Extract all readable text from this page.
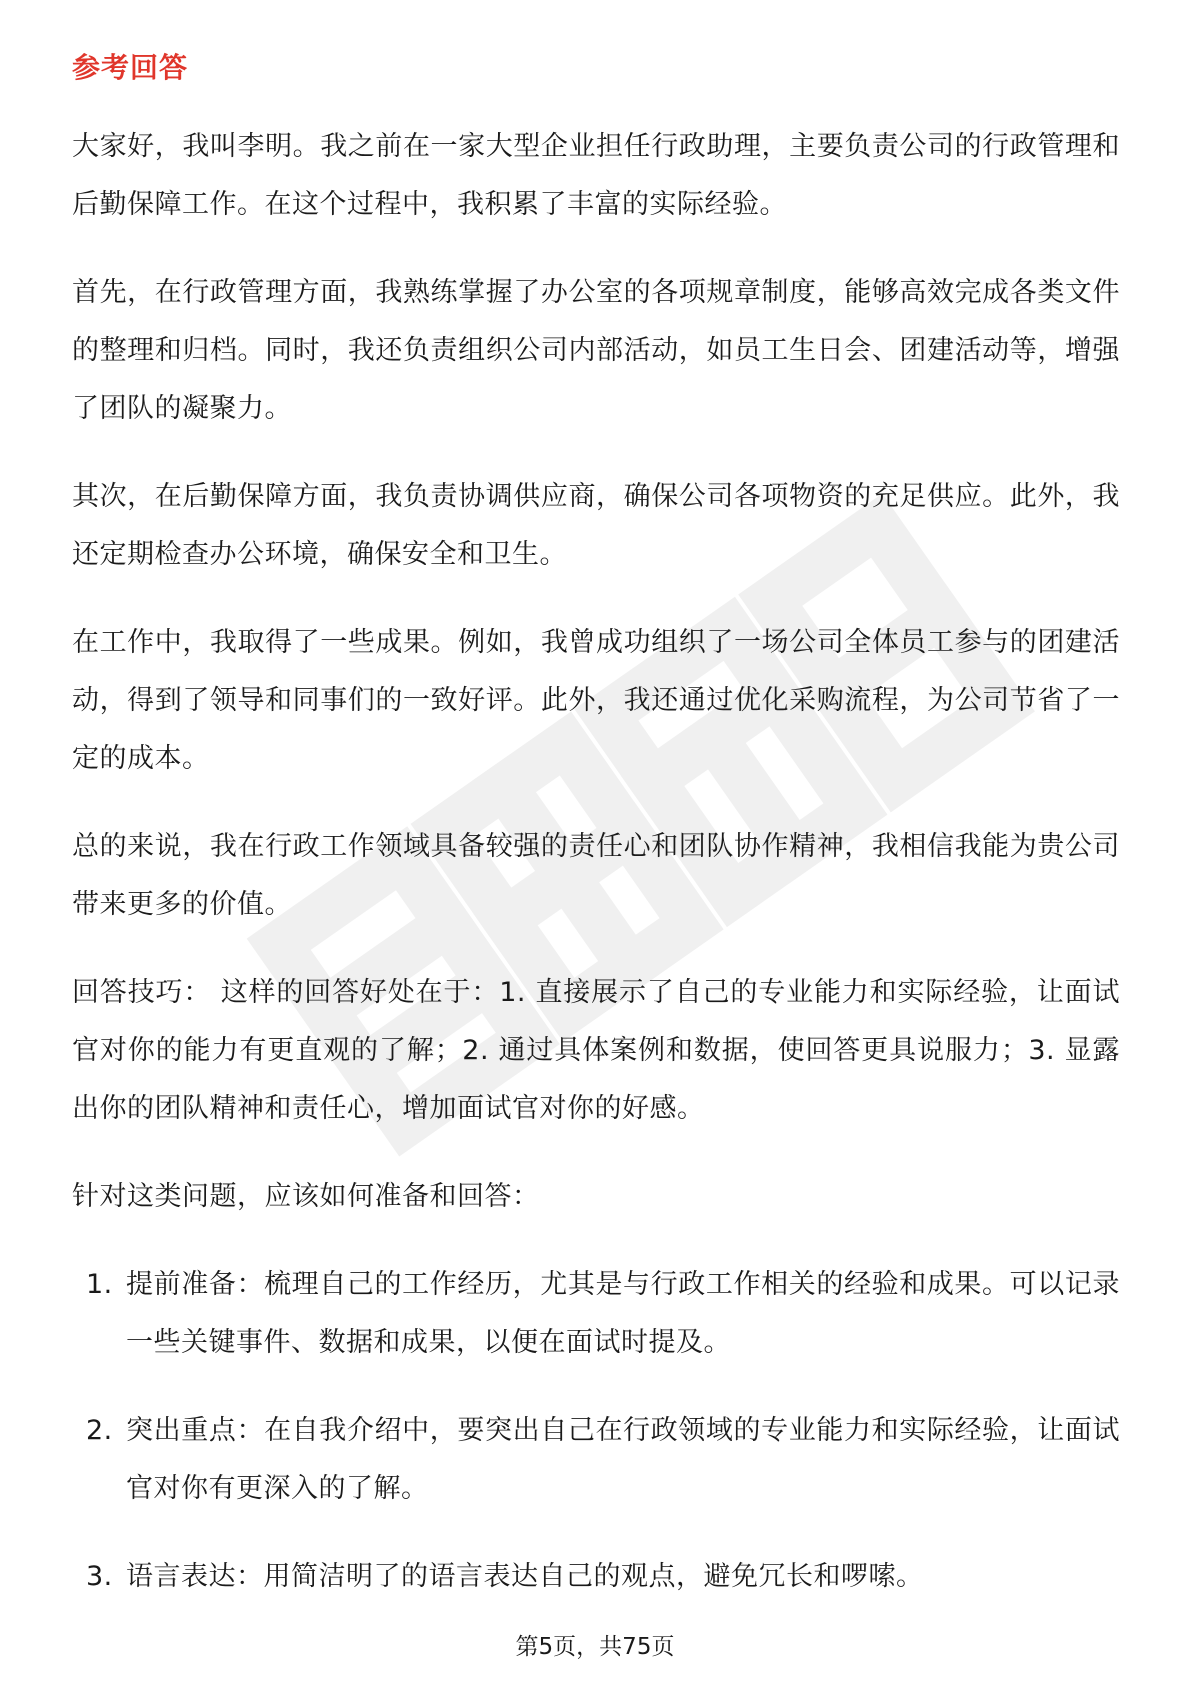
参考回答

大家好，我叫李明。我之前在一家大型企业担任行政助理，主要负责公司的行政管理和后勤保障工作。在这个过程中，我积累了丰富的实际经验。

首先，在行政管理方面，我熟练掌握了办公室的各项规章制度，能够高效完成各类文件的整理和归档。同时，我还负责组织公司内部活动，如员工生日会、团建活动等，增强了团队的凝聚力。

其次，在后勤保障方面，我负责协调供应商，确保公司各项物资的充足供应。此外，我还定期检查办公环境，确保安全和卫生。

在工作中，我取得了一些成果。例如，我曾成功组织了一场公司全体员工参与的团建活动，得到了领导和同事们的一致好评。此外，我还通过优化采购流程，为公司节省了一定的成本。

总的来说，我在行政工作领域具备较强的责任心和团队协作精神，我相信我能为贵公司带来更多的价值。

回答技巧： 这样的回答好处在于：1. 直接展示了自己的专业能力和实际经验，让面试官对你的能力有更直观的了解；2. 通过具体案例和数据，使回答更具说服力；3. 显露出你的团队精神和责任心，增加面试官对你的好感。

针对这类问题，应该如何准备和回答：

1. 提前准备：梳理自己的工作经历，尤其是与行政工作相关的经验和成果。可以记录一些关键事件、数据和成果，以便在面试时提及。
2. 突出重点：在自我介绍中，要突出自己在行政领域的专业能力和实际经验，让面试官对你有更深入的了解。
3. 语言表达：用简洁明了的语言表达自己的观点，避免冗长和啰嗦。
第5页，共75页
